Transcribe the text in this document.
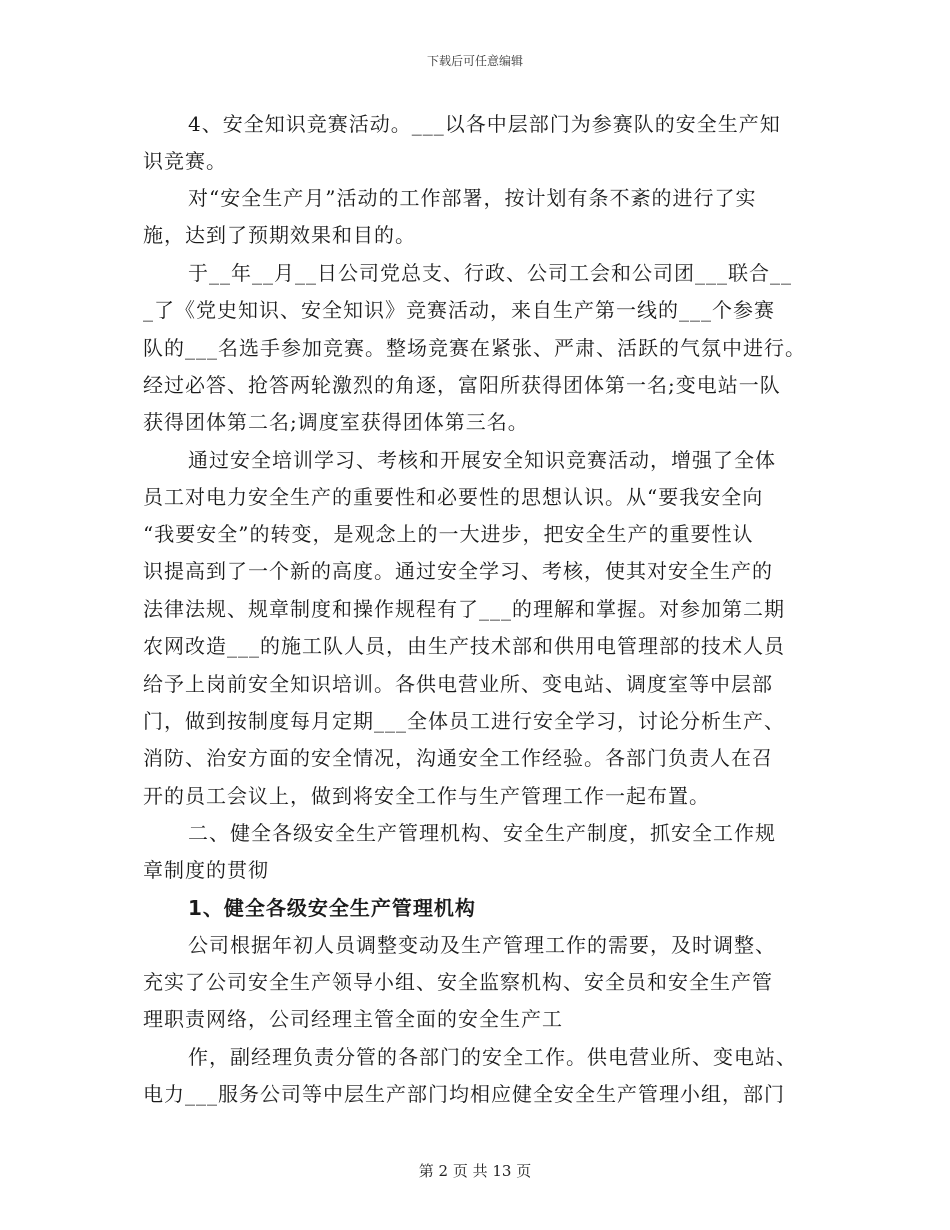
下载后可任意编辑
4、安全知识竞赛活动。___以各中层部门为参赛队的安全生产知
识竞赛。
对“安全生产月”活动的工作部署，按计划有条不紊的进行了实
施，达到了预期效果和目的。
于__年__月__日公司党总支、行政、公司工会和公司团___联合__
_了《党史知识、安全知识》竞赛活动，来自生产第一线的___个参赛
队的___名选手参加竞赛。整场竞赛在紧张、严肃、活跃的气氛中进行。
经过必答、抢答两轮激烈的角逐，富阳所获得团体第一名;变电站一队
获得团体第二名;调度室获得团体第三名。
通过安全培训学习、考核和开展安全知识竞赛活动，增强了全体
员工对电力安全生产的重要性和必要性的思想认识。从“要我安全向
“我要安全”的转变，是观念上的一大进步，把安全生产的重要性认
识提高到了一个新的高度。通过安全学习、考核，使其对安全生产的
法律法规、规章制度和操作规程有了___的理解和掌握。对参加第二期
农网改造___的施工队人员，由生产技术部和供用电管理部的技术人员
给予上岗前安全知识培训。各供电营业所、变电站、调度室等中层部
门，做到按制度每月定期___全体员工进行安全学习，讨论分析生产、
消防、治安方面的安全情况，沟通安全工作经验。各部门负责人在召
开的员工会议上，做到将安全工作与生产管理工作一起布置。
二、健全各级安全生产管理机构、安全生产制度，抓安全工作规
章制度的贯彻
1、健全各级安全生产管理机构
公司根据年初人员调整变动及生产管理工作的需要，及时调整、
充实了公司安全生产领导小组、安全监察机构、安全员和安全生产管
理职责网络，公司经理主管全面的安全生产工
作，副经理负责分管的各部门的安全工作。供电营业所、变电站、
电力___服务公司等中层生产部门均相应健全安全生产管理小组，部门
第 2 页 共 13 页
